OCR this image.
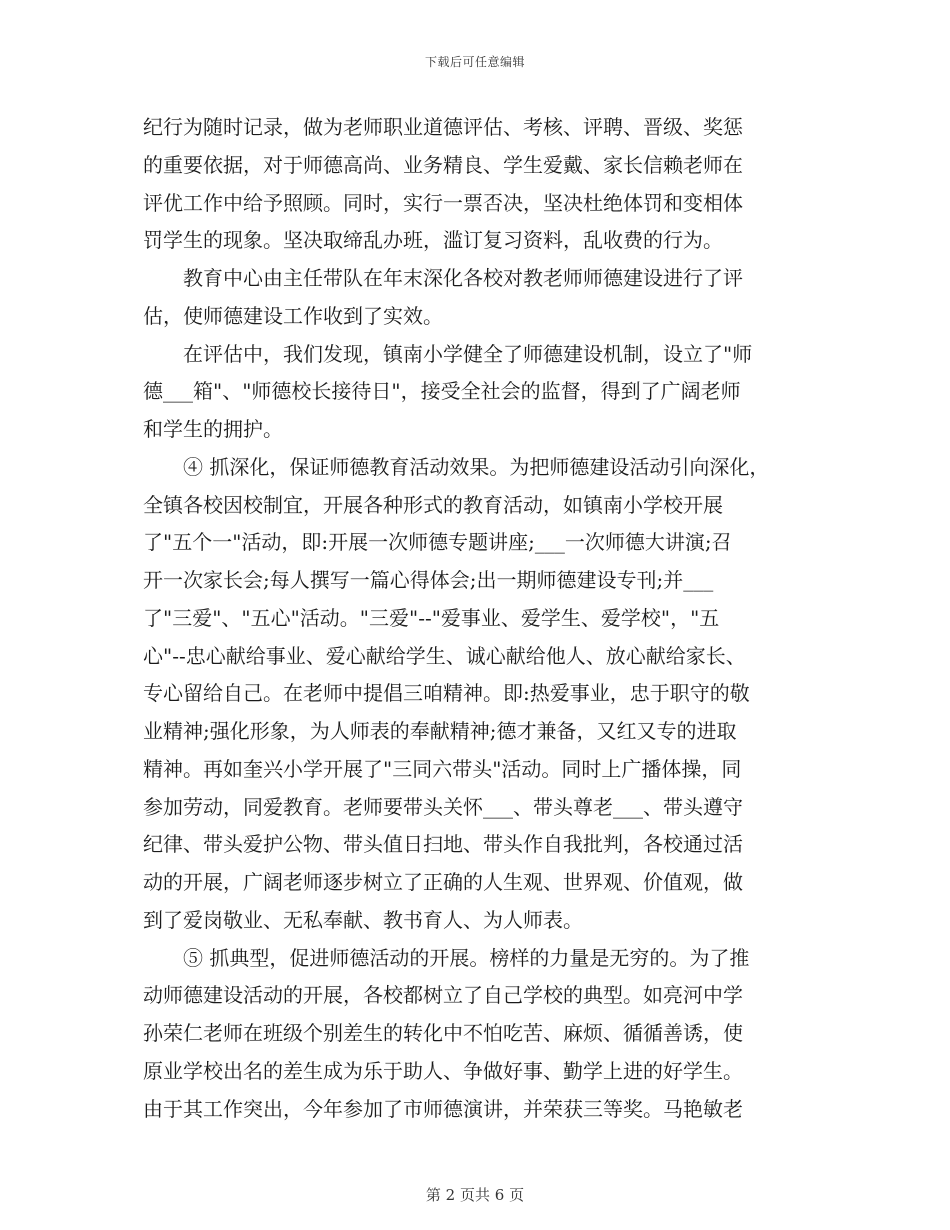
下载后可任意编辑
纪行为随时记录，做为老师职业道德评估、考核、评聘、晋级、奖惩
的重要依据，对于师德高尚、业务精良、学生爱戴、家长信赖老师在
评优工作中给予照顾。同时，实行一票否决，坚决杜绝体罚和变相体
罚学生的现象。坚决取缔乱办班，滥订复习资料，乱收费的行为。
　　教育中心由主任带队在年末深化各校对教老师师德建设进行了评
估，使师德建设工作收到了实效。
　　在评估中，我们发现，镇南小学健全了师德建设机制，设立了"师
德___箱"、"师德校长接待日"，接受全社会的监督，得到了广阔老师
和学生的拥护。
　　④ 抓深化，保证师德教育活动效果。为把师德建设活动引向深化，
全镇各校因校制宜，开展各种形式的教育活动，如镇南小学校开展
了"五个一"活动，即:开展一次师德专题讲座;___一次师德大讲演;召
开一次家长会;每人撰写一篇心得体会;出一期师德建设专刊;并___
了"三爱"、"五心"活动。"三爱"--"爱事业、爱学生、爱学校"，"五
心"--忠心献给事业、爱心献给学生、诚心献给他人、放心献给家长、
专心留给自己。在老师中提倡三咱精神。即:热爱事业，忠于职守的敬
业精神;强化形象，为人师表的奉献精神;德才兼备，又红又专的进取
精神。再如奎兴小学开展了"三同六带头"活动。同时上广播体操，同
参加劳动，同爱教育。老师要带头关怀___、带头尊老___、带头遵守
纪律、带头爱护公物、带头值日扫地、带头作自我批判，各校通过活
动的开展，广阔老师逐步树立了正确的人生观、世界观、价值观，做
到了爱岗敬业、无私奉献、教书育人、为人师表。
　　⑤ 抓典型，促进师德活动的开展。榜样的力量是无穷的。为了推
动师德建设活动的开展，各校都树立了自己学校的典型。如亮河中学
孙荣仁老师在班级个别差生的转化中不怕吃苦、麻烦、循循善诱，使
原业学校出名的差生成为乐于助人、争做好事、勤学上进的好学生。
由于其工作突出，今年参加了市师德演讲，并荣获三等奖。马艳敏老
第 2 页共 6 页
